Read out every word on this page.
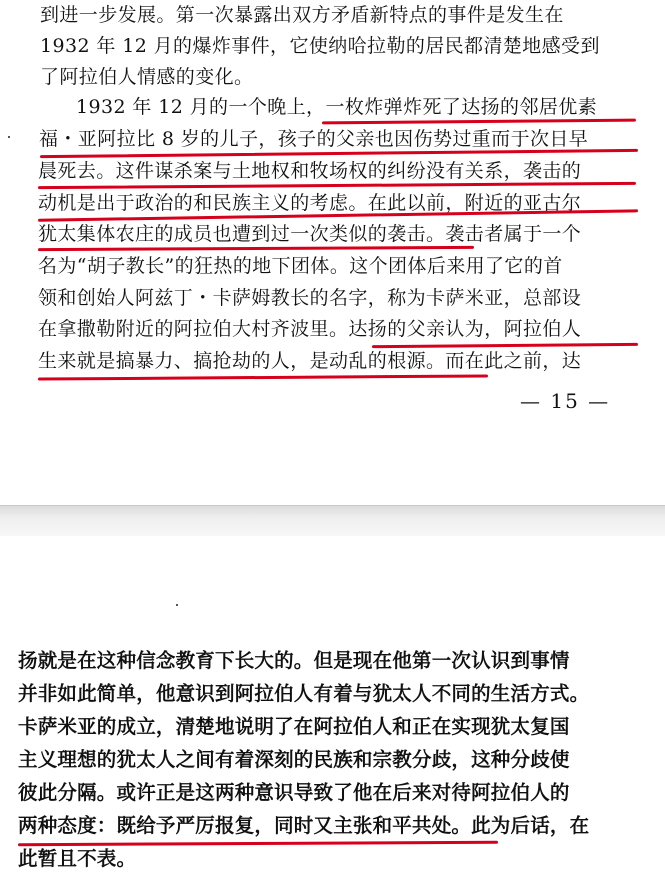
到进一步发展。第一次暴露出双方矛盾新特点的事件是发生在
1932 年 12 月的爆炸事件，它使纳哈拉勒的居民都清楚地感受到
了阿拉伯人情感的变化。
1932 年 12 月的一个晚上，一枚炸弹炸死了达扬的邻居优素
福・亚阿拉比 8 岁的儿子，孩子的父亲也因伤势过重而于次日早
晨死去。这件谋杀案与土地权和牧场权的纠纷没有关系，袭击的
动机是出于政治的和民族主义的考虑。在此以前，附近的亚古尔
犹太集体农庄的成员也遭到过一次类似的袭击。袭击者属于一个
名为“胡子教长”的狂热的地下团体。这个团体后来用了它的首
领和创始人阿兹丁・卡萨姆教长的名字，称为卡萨米亚，总部设
在拿撒勒附近的阿拉伯大村齐波里。达扬的父亲认为，阿拉伯人
生来就是搞暴力、搞抢劫的人，是动乱的根源。而在此之前，达
— 15 —
扬就是在这种信念教育下长大的。但是现在他第一次认识到事情
并非如此简单，他意识到阿拉伯人有着与犹太人不同的生活方式。
卡萨米亚的成立，清楚地说明了在阿拉伯人和正在实现犹太复国
主义理想的犹太人之间有着深刻的民族和宗教分歧，这种分歧使
彼此分隔。或许正是这两种意识导致了他在后来对待阿拉伯人的
两种态度：既给予严厉报复，同时又主张和平共处。此为后话，在
此暂且不表。
